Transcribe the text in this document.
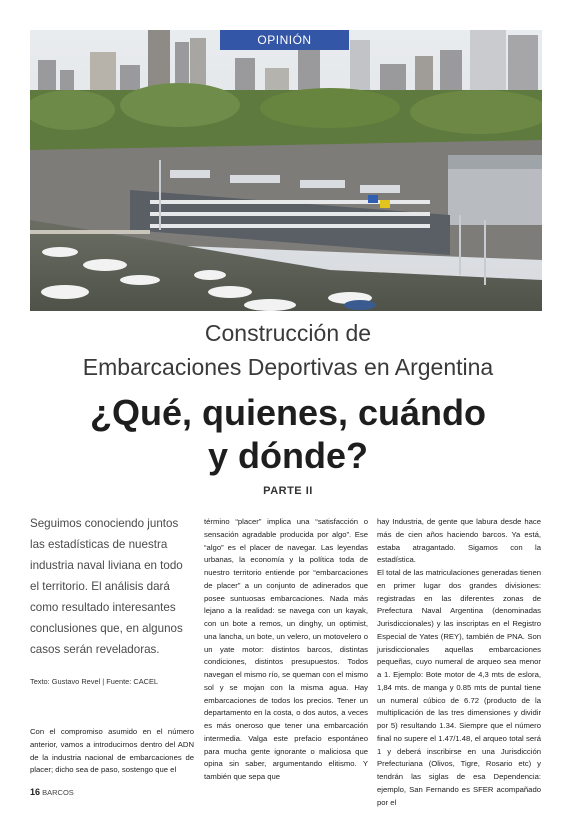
OPINIÓN
Construcción de
Embarcaciones Deportivas en Argentina
¿Qué, quienes, cuándo
y dónde?
PARTE II
Seguimos conociendo juntos las estadísticas de nuestra industria naval liviana en todo el territorio. El análisis dará como resultado interesantes conclusiones que, en algunos casos serán reveladoras.
Texto: Gustavo Revel | Fuente: CACEL

Con el compromiso asumido en el número anterior, vamos a introducirnos dentro del ADN de la industria nacional de embarcaciones de placer; dicho sea de paso, sostengo que el

término “placer” implica una “satisfacción o sensación agradable producida por algo”. Ese “algo” es el placer de navegar. Las leyendas urbanas, la economía y la política toda de nuestro territorio entiende por “embarcaciones de placer” a un conjunto de adinerados que posee suntuosas embarcaciones. Nada más lejano a la realidad: se navega con un kayak, con un bote a remos, un dinghy, un optimist, una lancha, un bote, un velero, un motovelero o un yate motor: distintos barcos, distintas condiciones, distintos presupuestos. Todos navegan el mismo río, se queman con el mismo sol y se mojan con la misma agua. Hay embarcaciones de todos los precios. Tener un departamento en la costa, o dos autos, a veces es más oneroso que tener una embarcación intermedia. Valga este prefacio espontáneo para mucha gente ignorante o maliciosa que opina sin saber, argumentando elitismo. Y también que sepa que

hay Industria, de gente que labura desde hace más de cien años haciendo barcos. Ya está, estaba atragantado. Sigamos con la estadística.

El total de las matriculaciones generadas tienen en primer lugar dos grandes divisiones: registradas en las diferentes zonas de Prefectura Naval Argentina (denominadas Jurisdiccionales) y las inscriptas en el Registro Especial de Yates (REY), también de PNA. Son jurisdiccionales aquellas embarcaciones pequeñas, cuyo numeral de arqueo sea menor a 1. Ejemplo: Bote motor de 4,3 mts de eslora, 1,84 mts. de manga y 0.85 mts de puntal tiene un numeral cúbico de 6.72 (producto de la multiplicación de las tres dimensiones y dividir por 5) resultando 1.34. Siempre que el número final no supere el 1.47/1.48, el arqueo total será 1 y deberá inscribirse en una Jurisdicción Prefecturiana (Olivos, Tigre, Rosario etc) y tendrán las siglas de esa Dependencia: ejemplo, San Fernando es SFER acompañado por el

16 BARCOS
